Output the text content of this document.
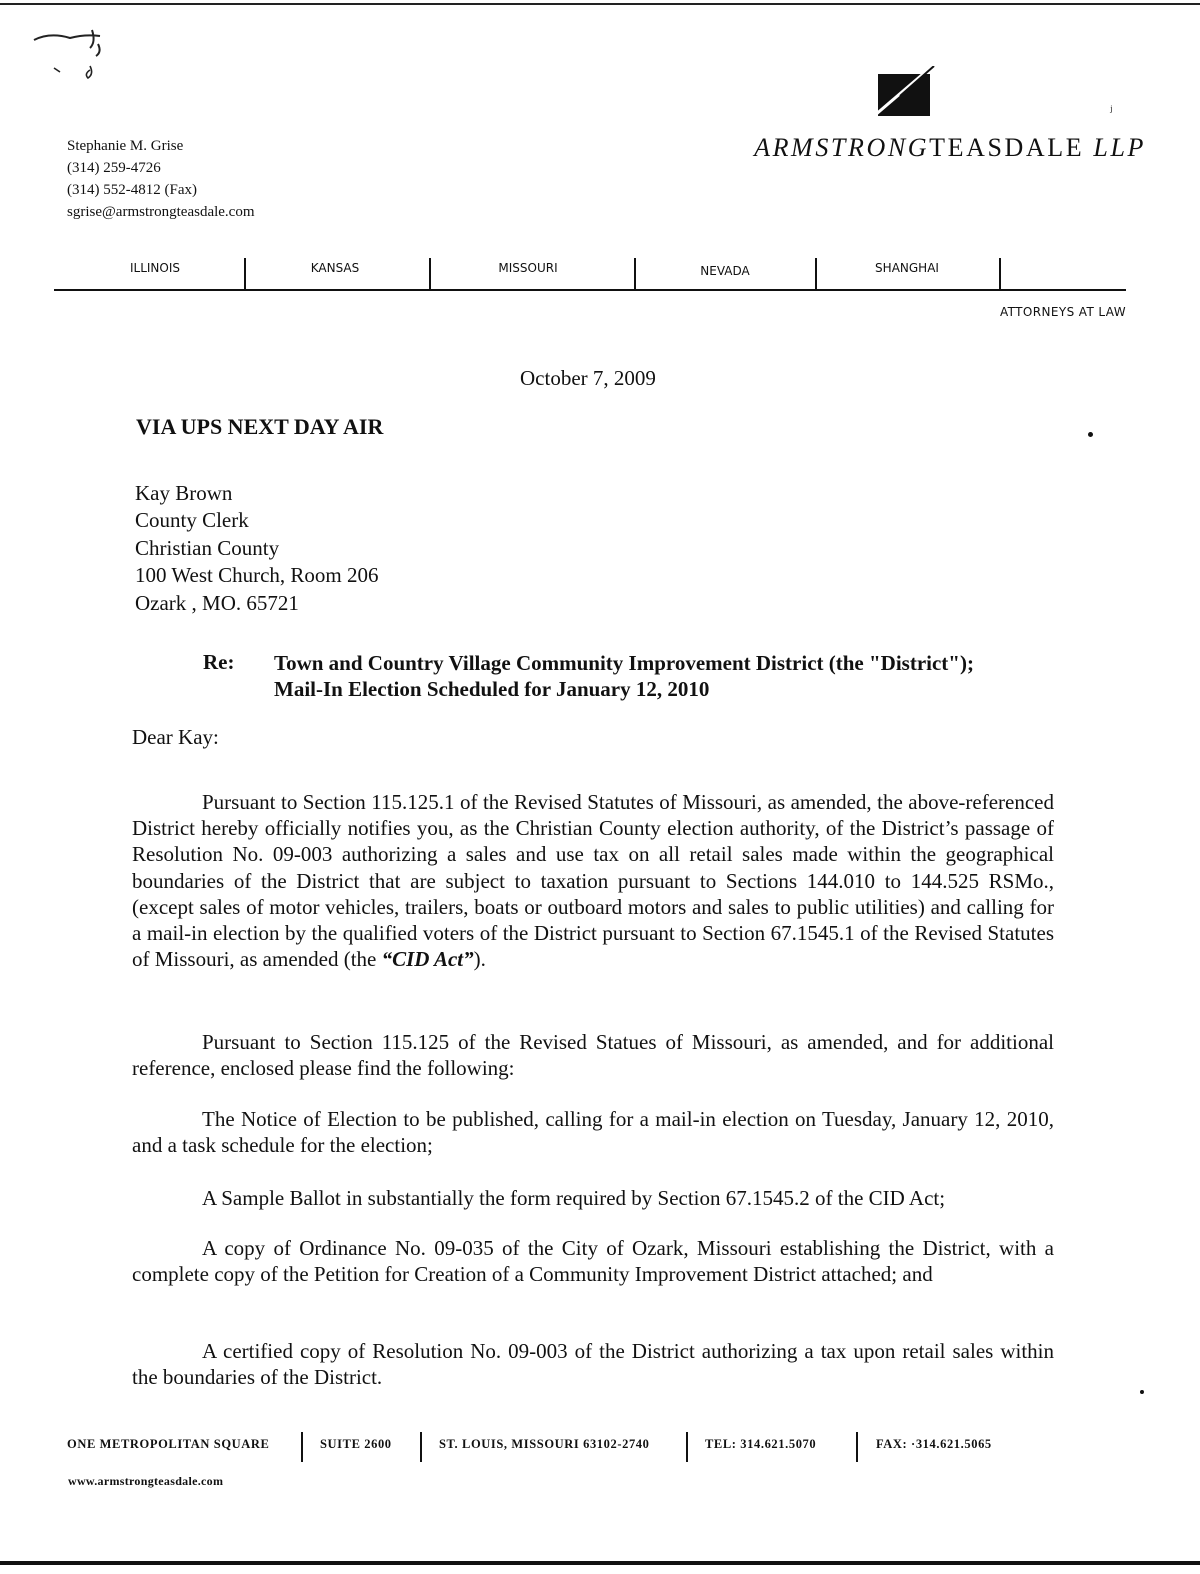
Stephanie M. Grise
(314) 259-4726
(314) 552-4812 (Fax)
sgrise@armstrongteasdale.com
ʲ
ARMSTRONGTEASDALE LLP
ILLINOIS	KANSAS	MISSOURI	NEVADA	SHANGHAI
ATTORNEYS AT LAW
October 7, 2009
VIA UPS NEXT DAY AIR
Kay Brown
County Clerk
Christian County
100 West Church, Room 206
Ozark , MO. 65721
Re: Town and Country Village Community Improvement District (the "District"); Mail-In Election Scheduled for January 12, 2010
Dear Kay:
Pursuant to Section 115.125.1 of the Revised Statutes of Missouri, as amended, the above-referenced District hereby officially notifies you, as the Christian County election authority, of the District’s passage of Resolution No. 09-003 authorizing a sales and use tax on all retail sales made within the geographical boundaries of the District that are subject to taxation pursuant to Sections 144.010 to 144.525 RSMo., (except sales of motor vehicles, trailers, boats or outboard motors and sales to public utilities) and calling for a mail-in election by the qualified voters of the District pursuant to Section 67.1545.1 of the Revised Statutes of Missouri, as amended (the “CID Act”).
Pursuant to Section 115.125 of the Revised Statues of Missouri, as amended, and for additional reference, enclosed please find the following:
The Notice of Election to be published, calling for a mail-in election on Tuesday, January 12, 2010, and a task schedule for the election;
A Sample Ballot in substantially the form required by Section 67.1545.2 of the CID Act;
A copy of Ordinance No. 09-035 of the City of Ozark, Missouri establishing the District, with a complete copy of the Petition for Creation of a Community Improvement District attached; and
A certified copy of Resolution No. 09-003 of the District authorizing a tax upon retail sales within the boundaries of the District.
ONE METROPOLITAN SQUARE	SUITE 2600	ST. LOUIS, MISSOURI 63102-2740	TEL: 314.621.5070	FAX: ·314.621.5065
www.armstrongteasdale.com
